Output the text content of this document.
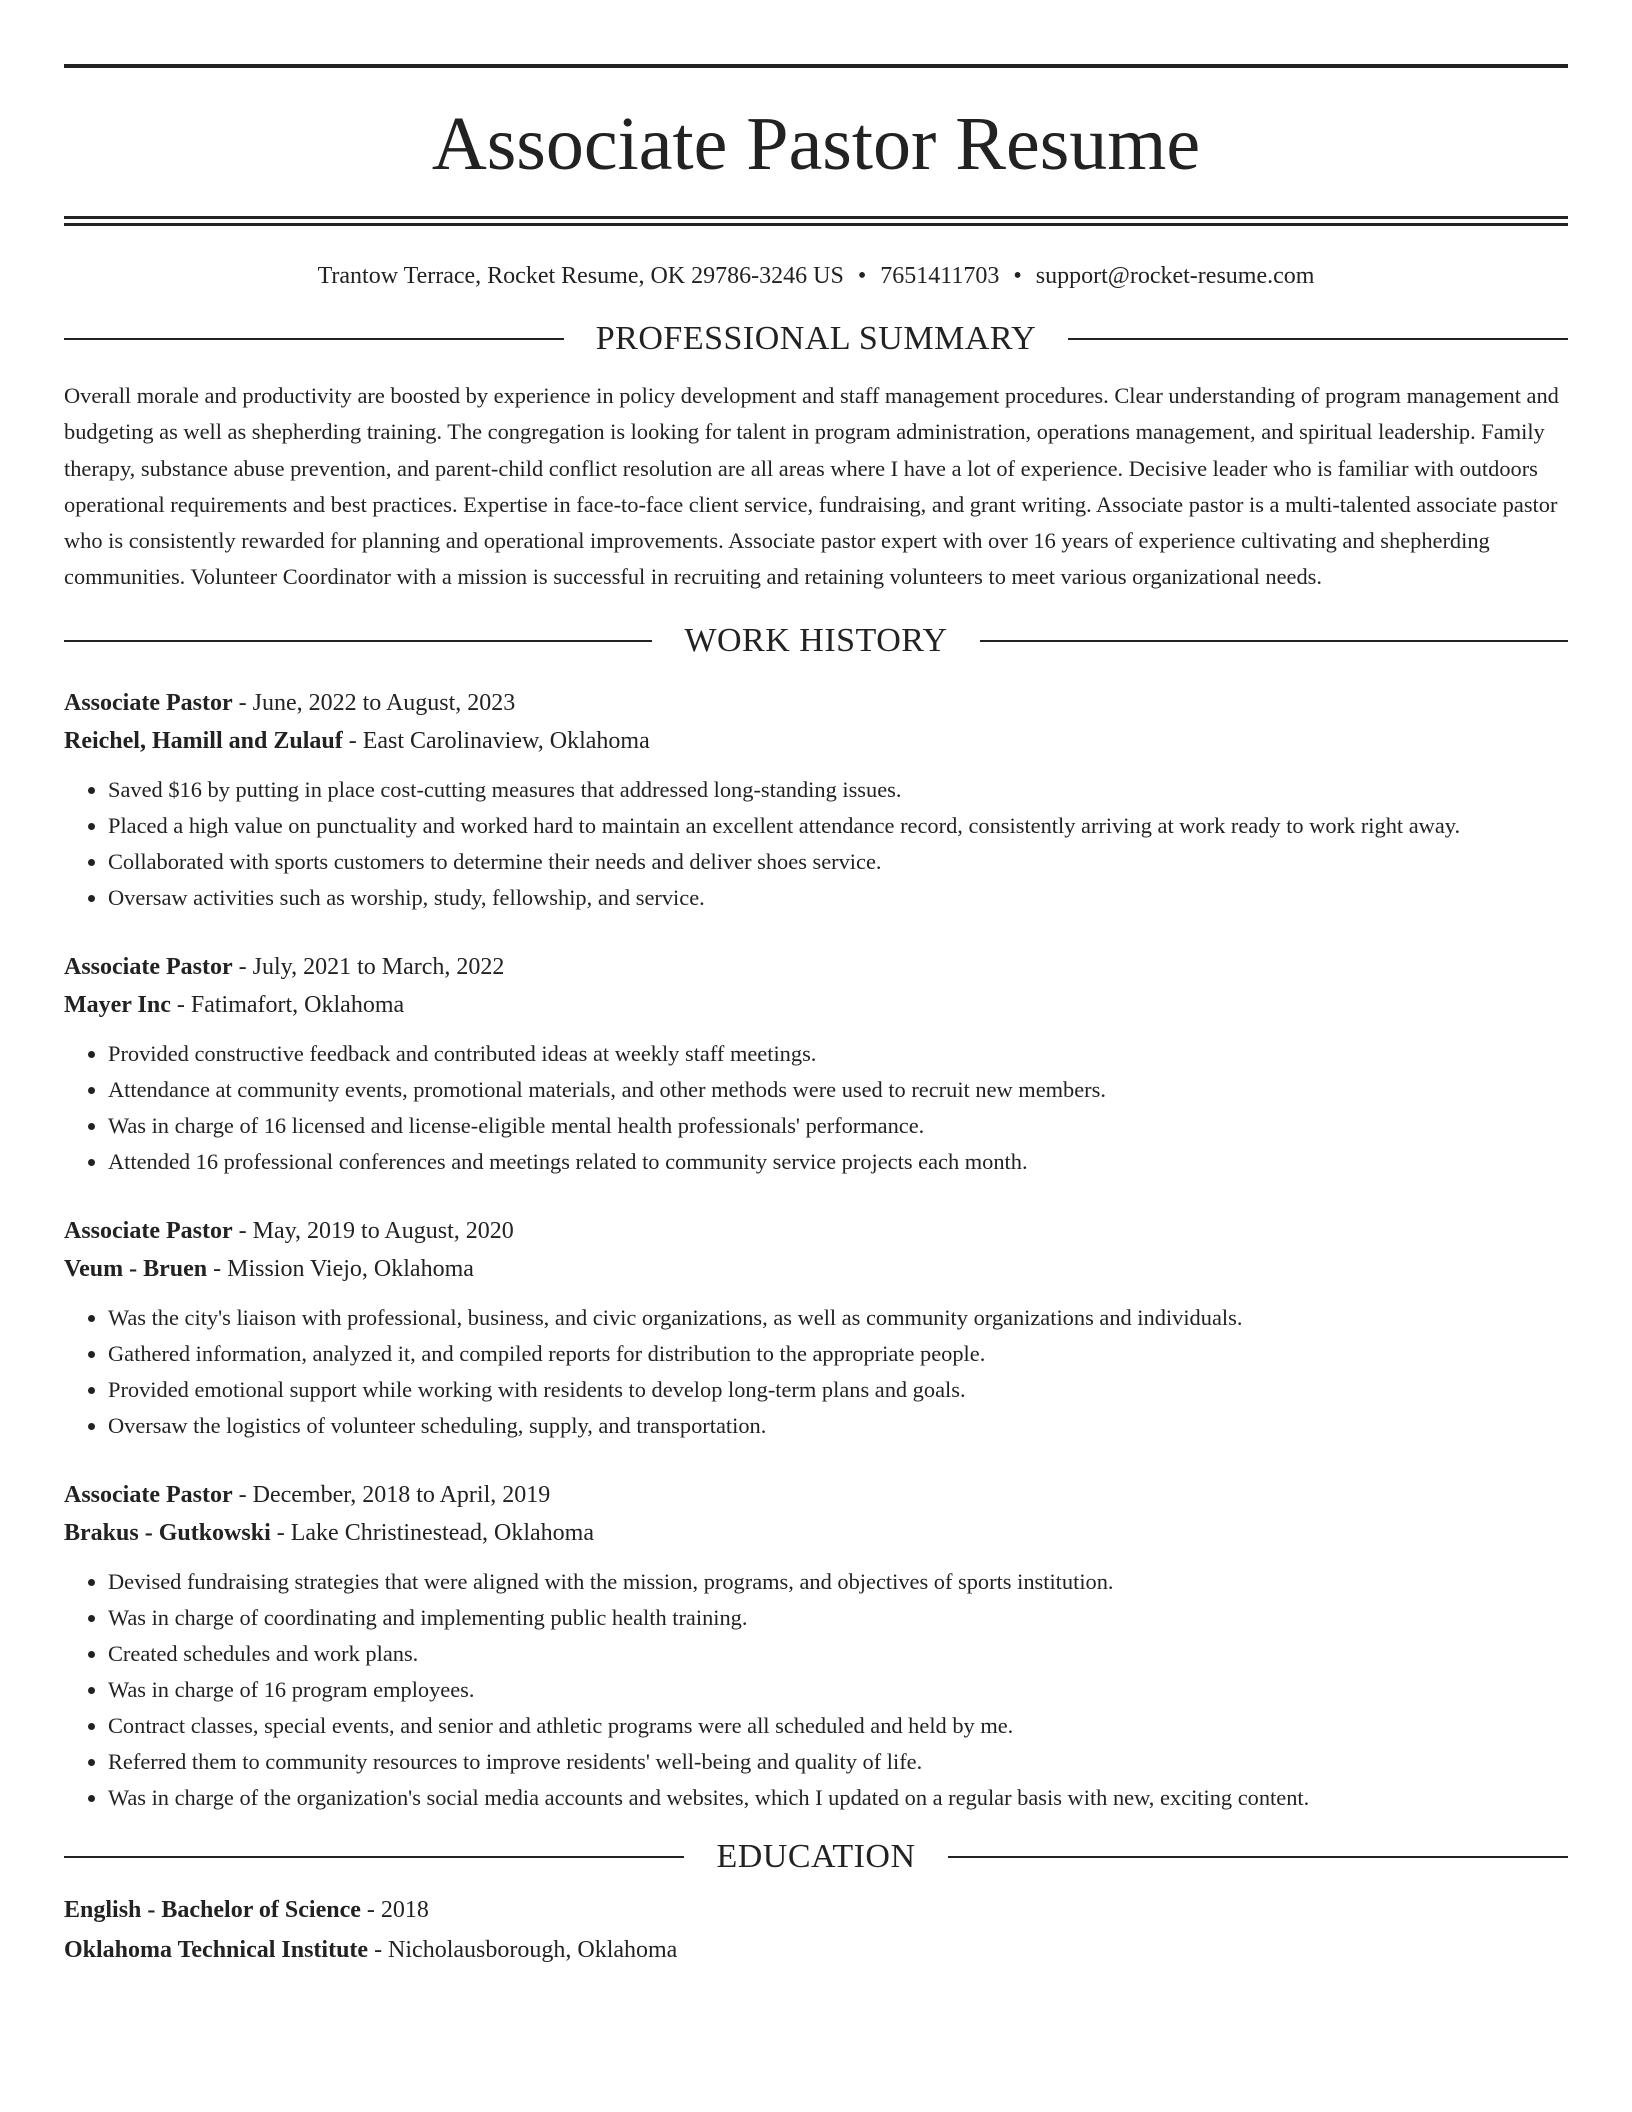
Associate Pastor Resume
Trantow Terrace, Rocket Resume, OK 29786-3246 US • 7651411703 • support@rocket-resume.com
PROFESSIONAL SUMMARY

Overall morale and productivity are boosted by experience in policy development and staff management procedures. Clear understanding of program management and budgeting as well as shepherding training. The congregation is looking for talent in program administration, operations management, and spiritual leadership. Family therapy, substance abuse prevention, and parent-child conflict resolution are all areas where I have a lot of experience. Decisive leader who is familiar with outdoors operational requirements and best practices. Expertise in face-to-face client service, fundraising, and grant writing. Associate pastor is a multi-talented associate pastor who is consistently rewarded for planning and operational improvements. Associate pastor expert with over 16 years of experience cultivating and shepherding communities. Volunteer Coordinator with a mission is successful in recruiting and retaining volunteers to meet various organizational needs.

WORK HISTORY
Associate Pastor - June, 2022 to August, 2023
Reichel, Hamill and Zulauf - East Carolinaview, Oklahoma
• Saved $16 by putting in place cost-cutting measures that addressed long-standing issues.
• Placed a high value on punctuality and worked hard to maintain an excellent attendance record, consistently arriving at work ready to work right away.
• Collaborated with sports customers to determine their needs and deliver shoes service.
• Oversaw activities such as worship, study, fellowship, and service.
Associate Pastor - July, 2021 to March, 2022
Mayer Inc - Fatimafort, Oklahoma
• Provided constructive feedback and contributed ideas at weekly staff meetings.
• Attendance at community events, promotional materials, and other methods were used to recruit new members.
• Was in charge of 16 licensed and license-eligible mental health professionals' performance.
• Attended 16 professional conferences and meetings related to community service projects each month.
Associate Pastor - May, 2019 to August, 2020
Veum - Bruen - Mission Viejo, Oklahoma
• Was the city's liaison with professional, business, and civic organizations, as well as community organizations and individuals.
• Gathered information, analyzed it, and compiled reports for distribution to the appropriate people.
• Provided emotional support while working with residents to develop long-term plans and goals.
• Oversaw the logistics of volunteer scheduling, supply, and transportation.
Associate Pastor - December, 2018 to April, 2019
Brakus - Gutkowski - Lake Christinestead, Oklahoma
• Devised fundraising strategies that were aligned with the mission, programs, and objectives of sports institution.
• Was in charge of coordinating and implementing public health training.
• Created schedules and work plans.
• Was in charge of 16 program employees.
• Contract classes, special events, and senior and athletic programs were all scheduled and held by me.
• Referred them to community resources to improve residents' well-being and quality of life.
• Was in charge of the organization's social media accounts and websites, which I updated on a regular basis with new, exciting content.
EDUCATION
English - Bachelor of Science - 2018
Oklahoma Technical Institute - Nicholausborough, Oklahoma
